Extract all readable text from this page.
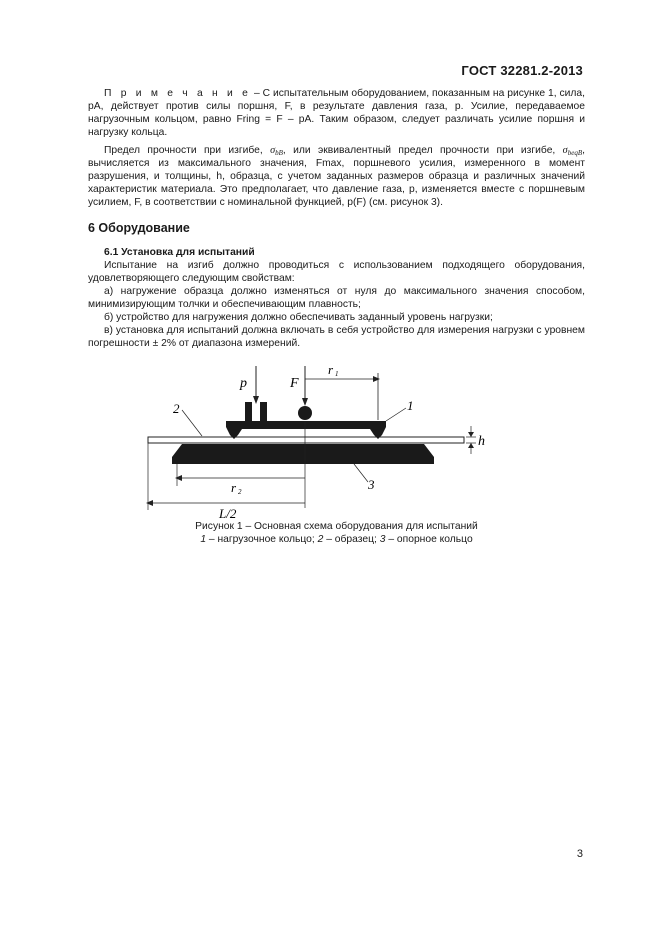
ГОСТ 32281.2-2013

П р и м е ч а н и е – С испытательным оборудованием, показанным на рисунке 1, сила, pA, действует против силы поршня, F, в результате давления газа, p. Усилие, передаваемое нагрузочным кольцом, равно Fring = F – pA. Таким образом, следует различать усилие поршня и нагрузку кольца.

Предел прочности при изгибе, $\sigma_{bB}$, или эквивалентный предел прочности при изгибе, $\sigma_{beqB}$, вычисляется из максимального значения, Fmax, поршневого усилия, измеренного в момент разрушения, и толщины, h, образца, с учетом заданных размеров образца и различных значений характеристик материала. Это предполагает, что давление газа, p, изменяется вместе с поршневым усилием, F, в соответствии с номинальной функцией, p(F) (см. рисунок 3).

6 Оборудование

6.1 Установка для испытаний

Испытание на изгиб должно проводиться с использованием подходящего оборудования, удовлетворяющего следующим свойствам:

а) нагружение образца должно изменяться от нуля до максимального значения способом, минимизирующим толчки и обеспечивающим плавность;

б) устройство для нагружения должно обеспечивать заданный уровень нагрузки;

в) установка для испытаний должна включать в себя устройство для измерения нагрузки с уровнем погрешности ± 2% от диапазона измерений.

p	F
r 1
1
2
3
h
r 2
L/2
Рисунок 1 – Основная схема оборудования для испытаний
1 – нагрузочное кольцо; 2 – образец; 3 – опорное кольцо
3
